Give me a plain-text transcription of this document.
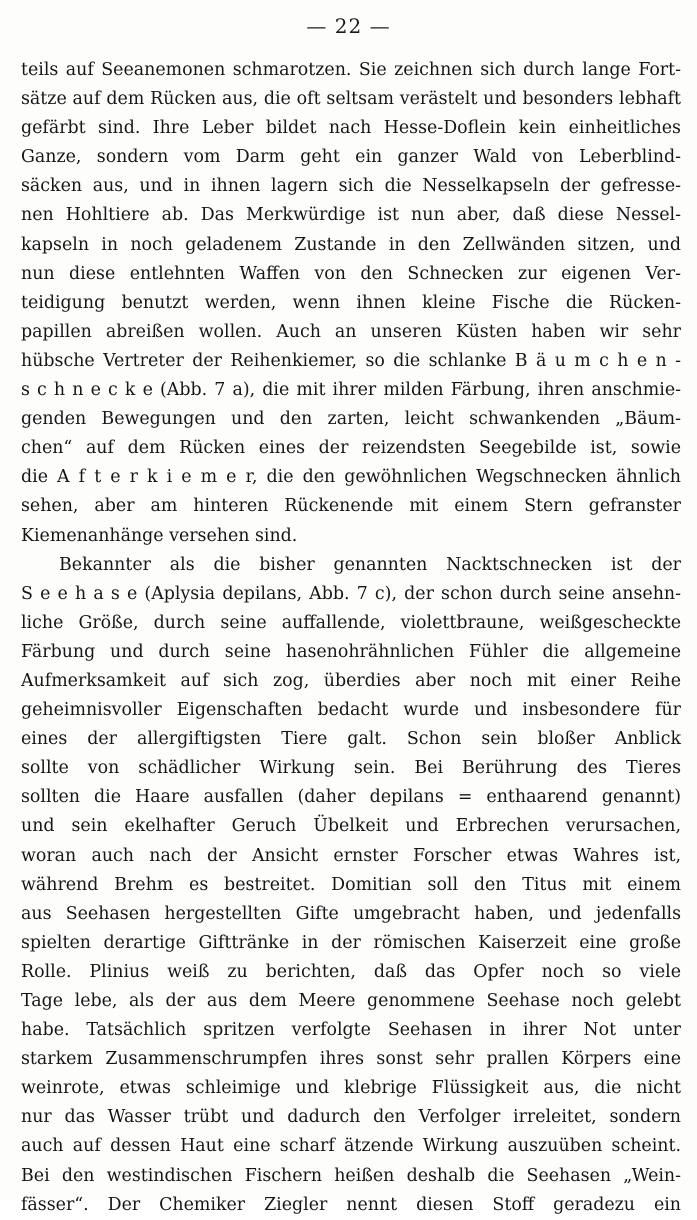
— 22 —
teils auf Seeanemonen schmarotzen. Sie zeichnen sich durch lange Fort-
sätze auf dem Rücken aus, die oft seltsam verästelt und besonders lebhaft
gefärbt sind. Ihre Leber bildet nach Hesse-Doflein kein einheitliches
Ganze, sondern vom Darm geht ein ganzer Wald von Leberblind-
säcken aus, und in ihnen lagern sich die Nesselkapseln der gefresse-
nen Hohltiere ab. Das Merkwürdige ist nun aber, daß diese Nessel-
kapseln in noch geladenem Zustande in den Zellwänden sitzen, und
nun diese entlehnten Waffen von den Schnecken zur eigenen Ver-
teidigung benutzt werden, wenn ihnen kleine Fische die Rücken-
papillen abreißen wollen. Auch an unseren Küsten haben wir sehr
hübsche Vertreter der Reihenkiemer, so die schlanke B ä u m c h e n -
s c h n e c k e (Abb. 7 a), die mit ihrer milden Färbung, ihren anschmie-
genden Bewegungen und den zarten, leicht schwankenden „Bäum-
chen“ auf dem Rücken eines der reizendsten Seegebilde ist, sowie
die A f t e r k i e m e r, die den gewöhnlichen Wegschnecken ähnlich
sehen, aber am hinteren Rückenende mit einem Stern gefranster
Kiemenanhänge versehen sind.
Bekannter als die bisher genannten Nacktschnecken ist der
S e e h a s e (Aplysia depilans, Abb. 7 c), der schon durch seine ansehn-
liche Größe, durch seine auffallende, violettbraune, weißgescheckte
Färbung und durch seine hasenohrähnlichen Fühler die allgemeine
Aufmerksamkeit auf sich zog, überdies aber noch mit einer Reihe
geheimnisvoller Eigenschaften bedacht wurde und insbesondere für
eines der allergiftigsten Tiere galt. Schon sein bloßer Anblick
sollte von schädlicher Wirkung sein. Bei Berührung des Tieres
sollten die Haare ausfallen (daher depilans = enthaarend genannt)
und sein ekelhafter Geruch Übelkeit und Erbrechen verursachen,
woran auch nach der Ansicht ernster Forscher etwas Wahres ist,
während Brehm es bestreitet. Domitian soll den Titus mit einem
aus Seehasen hergestellten Gifte umgebracht haben, und jedenfalls
spielten derartige Gifttränke in der römischen Kaiserzeit eine große
Rolle. Plinius weiß zu berichten, daß das Opfer noch so viele
Tage lebe, als der aus dem Meere genommene Seehase noch gelebt
habe. Tatsächlich spritzen verfolgte Seehasen in ihrer Not unter
starkem Zusammenschrumpfen ihres sonst sehr prallen Körpers eine
weinrote, etwas schleimige und klebrige Flüssigkeit aus, die nicht
nur das Wasser trübt und dadurch den Verfolger irreleitet, sondern
auch auf dessen Haut eine scharf ätzende Wirkung auszuüben scheint.
Bei den westindischen Fischern heißen deshalb die Seehasen „Wein-
fässer“. Der Chemiker Ziegler nennt diesen Stoff geradezu ein
